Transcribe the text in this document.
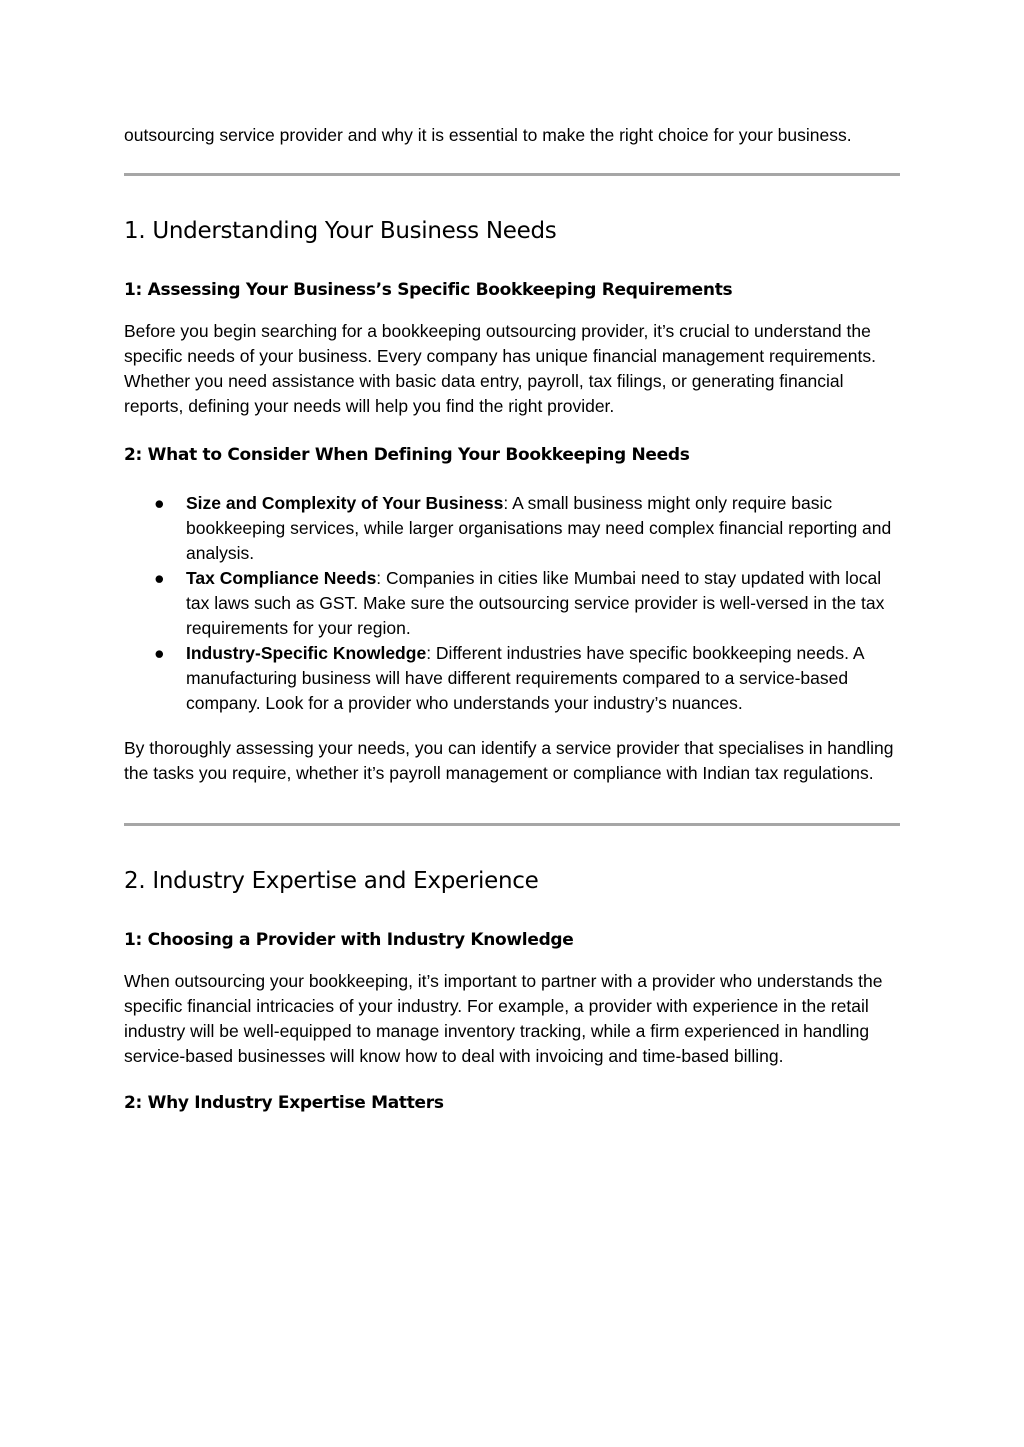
outsourcing service provider and why it is essential to make the right choice for your business.

1. Understanding Your Business Needs
1: Assessing Your Business’s Specific Bookkeeping Requirements

Before you begin searching for a bookkeeping outsourcing provider, it’s crucial to understand the specific needs of your business. Every company has unique financial management requirements. Whether you need assistance with basic data entry, payroll, tax filings, or generating financial reports, defining your needs will help you find the right provider.

2: What to Consider When Defining Your Bookkeeping Needs
● Size and Complexity of Your Business: A small business might only require basic bookkeeping services, while larger organisations may need complex financial reporting and analysis.
● Tax Compliance Needs: Companies in cities like Mumbai need to stay updated with local tax laws such as GST. Make sure the outsourcing service provider is well-versed in the tax requirements for your region.
● Industry-Specific Knowledge: Different industries have specific bookkeeping needs. A manufacturing business will have different requirements compared to a service-based company. Look for a provider who understands your industry’s nuances.

By thoroughly assessing your needs, you can identify a service provider that specialises in handling the tasks you require, whether it’s payroll management or compliance with Indian tax regulations.

2. Industry Expertise and Experience
1: Choosing a Provider with Industry Knowledge

When outsourcing your bookkeeping, it’s important to partner with a provider who understands the specific financial intricacies of your industry. For example, a provider with experience in the retail industry will be well-equipped to manage inventory tracking, while a firm experienced in handling service-based businesses will know how to deal with invoicing and time-based billing.

2: Why Industry Expertise Matters
